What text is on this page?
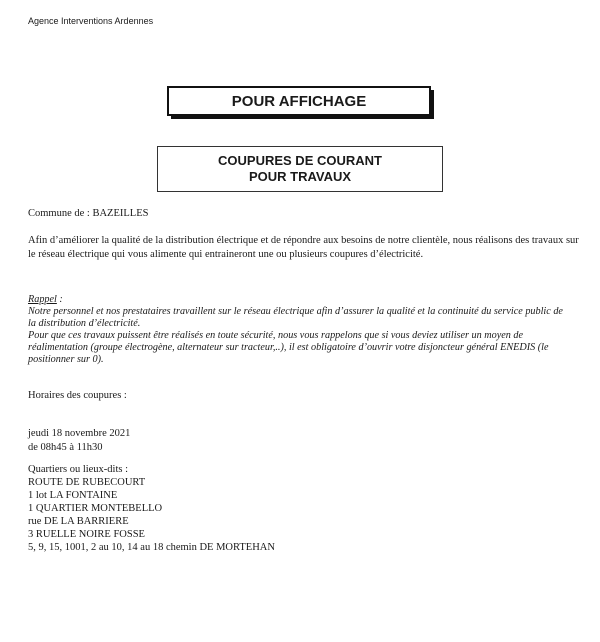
Agence Interventions Ardennes
POUR AFFICHAGE
COUPURES DE COURANT
POUR TRAVAUX
Commune de : BAZEILLES
Afin d’améliorer la qualité de la distribution électrique et de répondre aux besoins de notre clientèle, nous réalisons des travaux sur le réseau électrique qui vous alimente qui entraineront une ou plusieurs coupures d’électricité.
Rappel :
Notre personnel et nos prestataires travaillent sur le réseau électrique afin d’assurer la qualité et la continuité du service public de la distribution d’électricité.
Pour que ces travaux puissent être réalisés en toute sécurité, nous vous rappelons que si vous deviez utiliser un moyen de réalimentation (groupe électrogène, alternateur sur tracteur,..), il est obligatoire d’ouvrir votre disjoncteur général ENEDIS (le positionner sur 0).
Horaires des coupures :
jeudi 18 novembre 2021
de 08h45 à 11h30
Quartiers ou lieux-dits :
ROUTE DE RUBECOURT
1 lot LA FONTAINE
1 QUARTIER MONTEBELLO
rue DE LA BARRIERE
3 RUELLE NOIRE FOSSE
5, 9, 15, 1001, 2 au 10, 14 au 18 chemin DE MORTEHAN
